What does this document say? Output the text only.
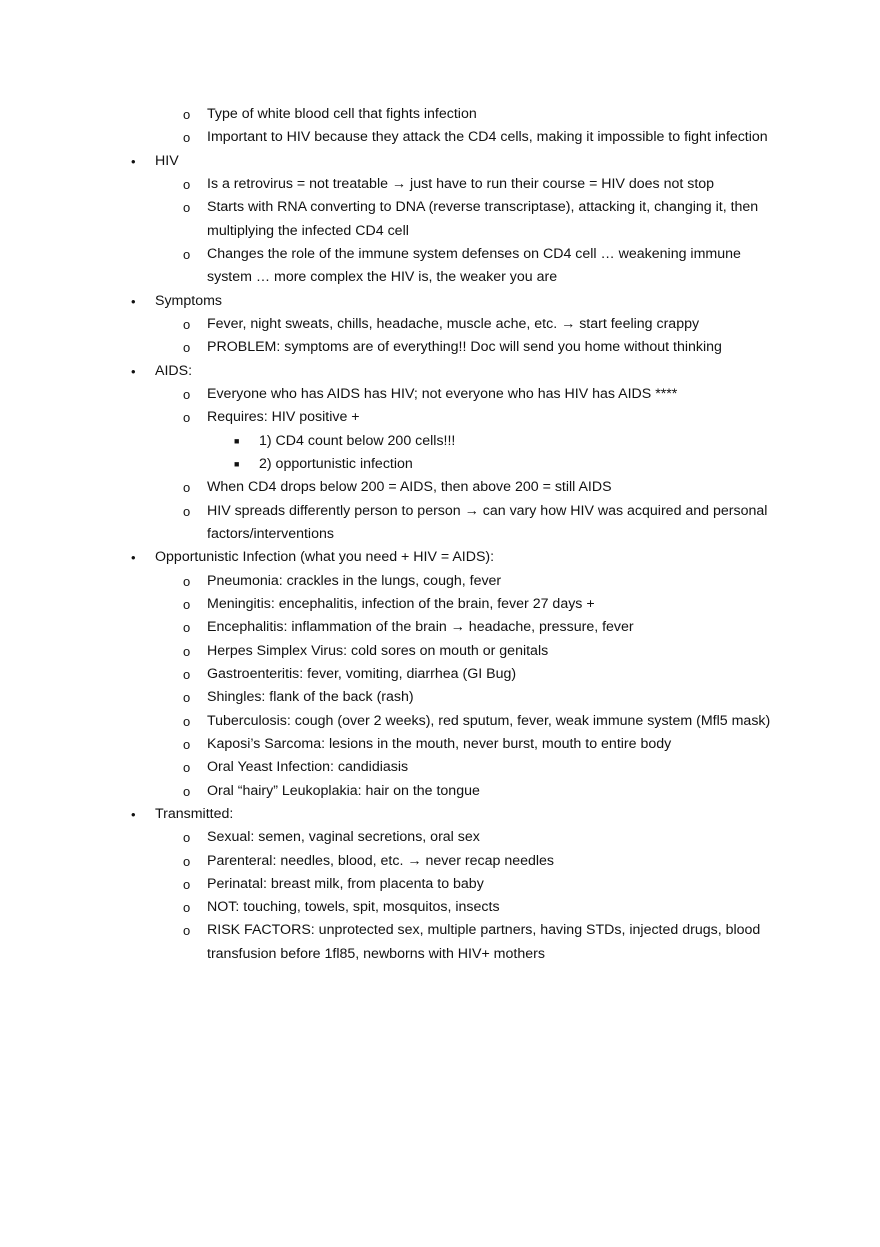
o Type of white blood cell that fights infection
o Important to HIV because they attack the CD4 cells, making it impossible to fight infection
• HIV
o Is a retrovirus = not treatable → just have to run their course = HIV does not stop
o Starts with RNA converting to DNA (reverse transcriptase), attacking it, changing it, then multiplying the infected CD4 cell
o Changes the role of the immune system defenses on CD4 cell … weakening immune system … more complex the HIV is, the weaker you are
• Symptoms
o Fever, night sweats, chills, headache, muscle ache, etc. → start feeling crappy
o PROBLEM: symptoms are of everything!! Doc will send you home without thinking
• AIDS:
o Everyone who has AIDS has HIV; not everyone who has HIV has AIDS ****
o Requires: HIV positive +
■ 1) CD4 count below 200 cells!!!
■ 2) opportunistic infection
o When CD4 drops below 200 = AIDS, then above 200 = still AIDS
o HIV spreads differently person to person → can vary how HIV was acquired and personal factors/interventions
• Opportunistic Infection (what you need + HIV = AIDS):
o Pneumonia: crackles in the lungs, cough, fever
o Meningitis: encephalitis, infection of the brain, fever 27 days +
o Encephalitis: inflammation of the brain → headache, pressure, fever
o Herpes Simplex Virus: cold sores on mouth or genitals
o Gastroenteritis: fever, vomiting, diarrhea (GI Bug)
o Shingles: flank of the back (rash)
o Tuberculosis: cough (over 2 weeks), red sputum, fever, weak immune system (Mfl5 mask)
o Kaposi’s Sarcoma: lesions in the mouth, never burst, mouth to entire body
o Oral Yeast Infection: candidiasis
o Oral “hairy” Leukoplakia: hair on the tongue
• Transmitted:
o Sexual: semen, vaginal secretions, oral sex
o Parenteral: needles, blood, etc. → never recap needles
o Perinatal: breast milk, from placenta to baby
o NOT: touching, towels, spit, mosquitos, insects
o RISK FACTORS: unprotected sex, multiple partners, having STDs, injected drugs, blood transfusion before 1fl85, newborns with HIV+ mothers
